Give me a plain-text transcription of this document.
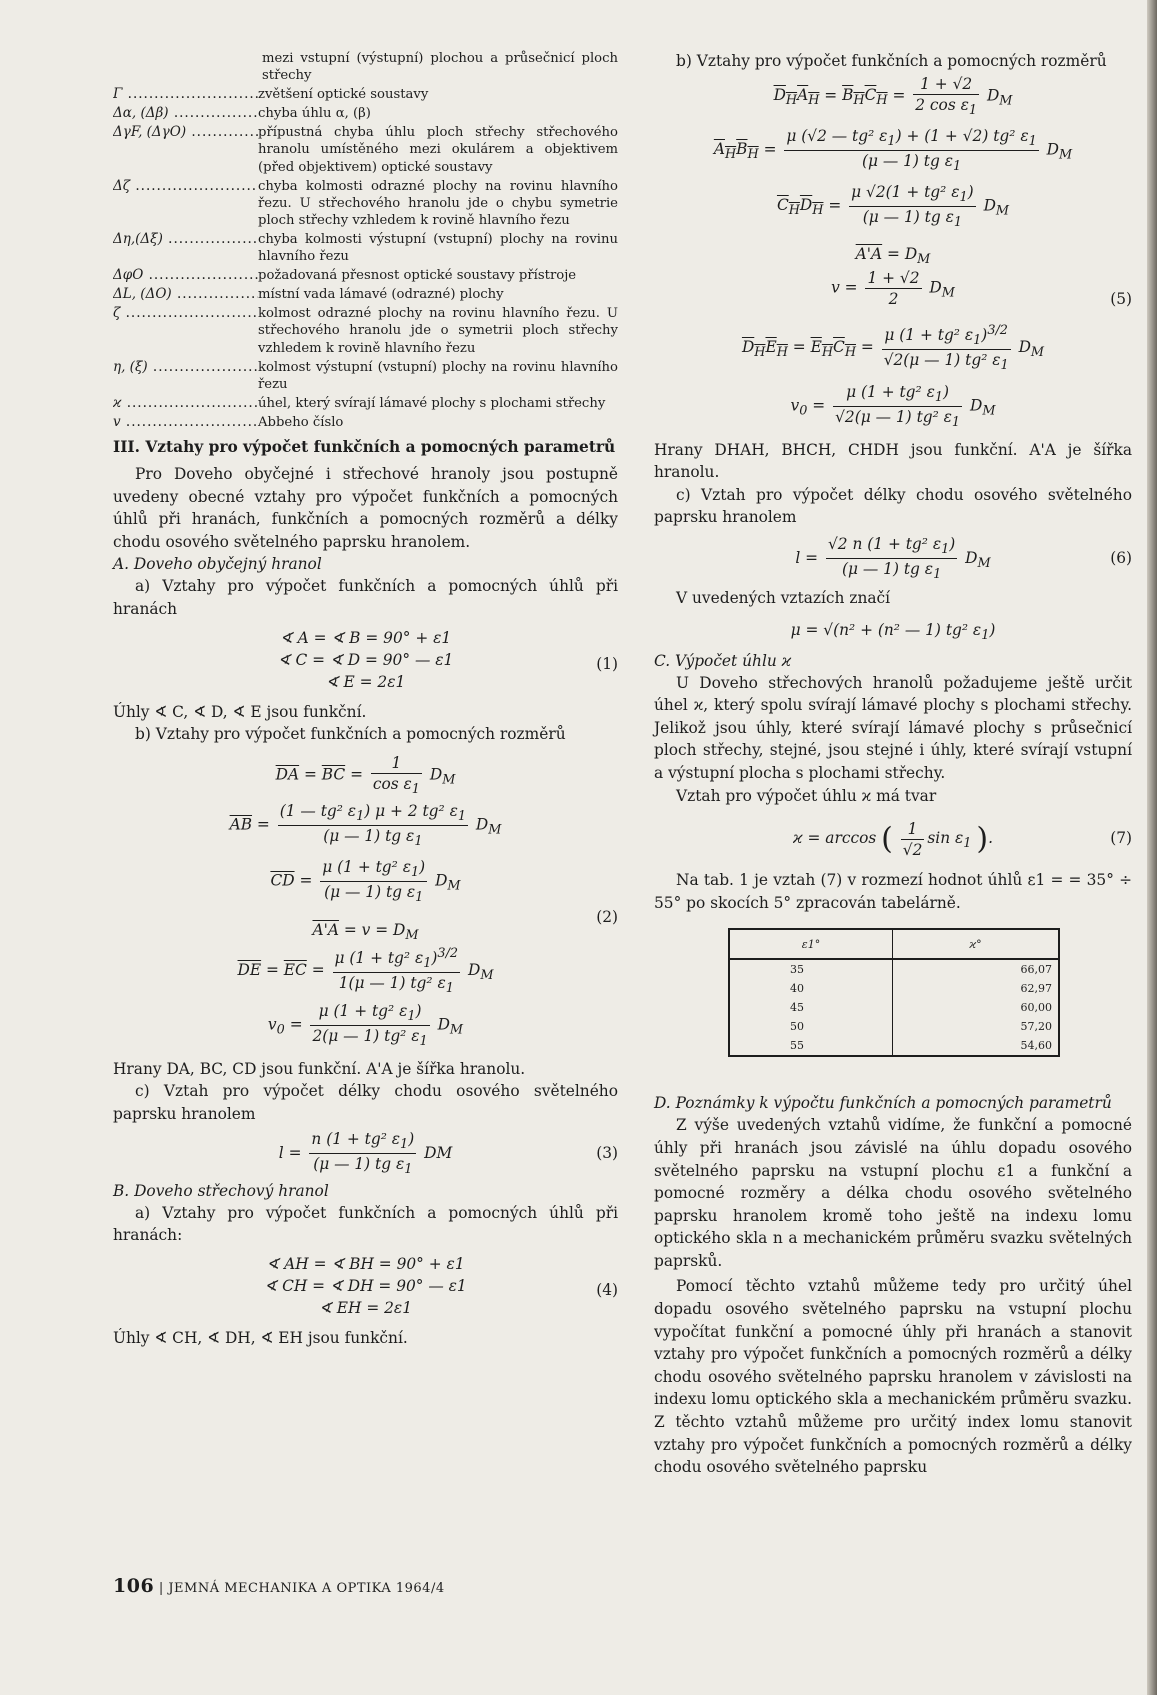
mezi vstupní (výstupní) plochou a průsečnicí ploch střechy

Γ .....	zvětšení optické soustavy
Δα, (Δβ) .....	chyba úhlu α, (β)
ΔγF, (ΔγO) .....	přípustná chyba úhlu ploch střechy střechového hranolu umístěného mezi okulárem a objektivem (před objektivem) optické soustavy
Δζ .....	chyba kolmosti odrazné plochy na rovinu hlavního řezu. U střechového hranolu jde o chybu symetrie ploch střechy vzhledem k rovině hlavního řezu
Δη,(Δξ) .....	chyba kolmosti výstupní (vstupní) plochy na rovinu hlavního řezu
ΔφO .....	požadovaná přesnost optické soustavy přístroje
ΔL, (ΔO) .....	místní vada lámavé (odrazné) plochy
ζ .....	kolmost odrazné plochy na rovinu hlavního řezu. U střechového hranolu jde o symetrii ploch střechy vzhledem k rovině hlavního řezu
η, (ξ) .....	kolmost výstupní (vstupní) plochy na rovinu hlavního řezu
ϰ .....	úhel, který svírají lámavé plochy s plochami střechy
v .....	Abbeho číslo

III. Vztahy pro výpočet funkčních a pomocných parametrů

Pro Doveho obyčejné i střechové hranoly jsou postupně uvedeny obecné vztahy pro výpočet funkčních a pomocných úhlů při hranách, funkčních a pomocných rozměrů a délky chodu osového světelného paprsku hranolem.

A. Doveho obyčejný hranol

a) Vztahy pro výpočet funkčních a pomocných úhlů při hranách

∢ A = ∢ B = 90° + ε1
∢ C = ∢ D = 90° — ε1
∢ E = 2ε1
(1)

Úhly ∢ C, ∢ D, ∢ E jsou funkční.

b) Vztahy pro výpočet funkčních a pomocných rozměrů

$\overline{DA} = \overline{BC} = \frac{1}{\cos \varepsilon_1} D_M$
$\overline{AB} = \frac{(1 — tg^2 \varepsilon_1) \mu + 2 tg^2 \varepsilon_1}{(\mu — 1) tg \varepsilon_1} D_M$
$\overline{CD} = \frac{\mu (1 + tg^2 \varepsilon_1)}{(\mu — 1) tg \varepsilon_1} D_M$
$A'A = v = D_M$
$\overline{DE} = \overline{EC} = \frac{\mu (1 + tg^2 \varepsilon_1)^{3/2}}{1(\mu — 1) tg^2 \varepsilon_1} D_M$
$v_0 = \frac{\mu (1 + tg^2 \varepsilon_1)}{2(\mu — 1) tg^2 \varepsilon_1} D_M$
(2)

Hrany DA, BC, CD jsou funkční. A'A je šířka hranolu.

c) Vztah pro výpočet délky chodu osového světelného paprsku hranolem

$l = \frac{n (1 + tg^2 \varepsilon_1)}{(\mu — 1) tg \varepsilon_1}$ DM	(3)

B. Doveho střechový hranol

a) Vztahy pro výpočet funkčních a pomocných úhlů při hranách:

∢ AH = ∢ BH = 90° + ε1
∢ CH = ∢ DH = 90° — ε1
∢ EH = 2ε1
(4)

Úhly ∢ CH, ∢ DH, ∢ EH jsou funkční.

b) Vztahy pro výpočet funkčních a pomocných rozměrů

$D_HA_H = B_HC_H = \frac{1 + √2}{2 \cos \varepsilon_1} D_M$
$A_HB_H = \frac{\mu (√2 — tg^2 \varepsilon_1) + (1 + √2) tg^2 \varepsilon_1}{(\mu — 1) tg \varepsilon_1} D_M$
$C_HD_H = \frac{\mu √2(1 + tg^2 \varepsilon_1)}{(\mu — 1) tg \varepsilon_1} D_M$
$A'A = D_M$
$v = \frac{1 + √2}{2} D_M$
$D_HE_H = E_HC_H = \frac{\mu (1 + tg^2 \varepsilon_1)^{3/2}}{√2(\mu — 1) tg^2 \varepsilon_1} D_M$
$v_0 = \frac{\mu (1 + tg^2 \varepsilon_1)}{√2(\mu — 1) tg^2 \varepsilon_1} D_M$
(5)

Hrany DHAH, BHCH, CHDH jsou funkční. A'A je šířka hranolu.

c) Vztah pro výpočet délky chodu osového světelného paprsku hranolem

$l = \frac{√2 n (1 + tg^2 \varepsilon_1)}{(\mu — 1) tg \varepsilon_1} D_M$	(6)

V uvedených vztazích značí

μ = √(n² + (n² — 1) tg² $\varepsilon_1$)

C. Výpočet úhlu ϰ

U Doveho střechových hranolů požadujeme ještě určit úhel ϰ, který spolu svírají lámavé plochy s plochami střechy. Jelikož jsou úhly, které svírají lámavé plochy s průsečnicí ploch střechy, stejné, jsou stejné i úhly, které svírají vstupní a výstupní plocha s plochami střechy.

Vztah pro výpočet úhlu ϰ má tvar

ϰ = arccos ( $\frac{1}{√2}$ $\sin \varepsilon_1$ ).	(7)

Na tab. 1 je vztah (7) v rozmezí hodnot úhlů ε1 = = 35° ÷ 55° po skocích 5° zpracován tabelárně.

ε1°	ϰ°
35	66,07
40	62,97
45	60,00
50	57,20
55	54,60

D. Poznámky k výpočtu funkčních a pomocných parametrů

Z výše uvedených vztahů vidíme, že funkční a pomocné úhly při hranách jsou závislé na úhlu dopadu osového světelného paprsku na vstupní plochu ε1 a funkční a pomocné rozměry a délka chodu osového světelného paprsku hranolem kromě toho ještě na indexu lomu optického skla n a mechanickém průměru svazku světelných paprsků.

Pomocí těchto vztahů můžeme tedy pro určitý úhel dopadu osového světelného paprsku na vstupní plochu vypočítat funkční a pomocné úhly při hranách a stanovit vztahy pro výpočet funkčních a pomocných rozměrů a délky chodu osového světelného paprsku hranolem v závislosti na indexu lomu optického skla a mechanickém průměru svazku. Z těchto vztahů můžeme pro určitý index lomu stanovit vztahy pro výpočet funkčních a pomocných rozměrů a délky chodu osového světelného paprsku

106 | JEMNÁ MECHANIKA A OPTIKA 1964/4
